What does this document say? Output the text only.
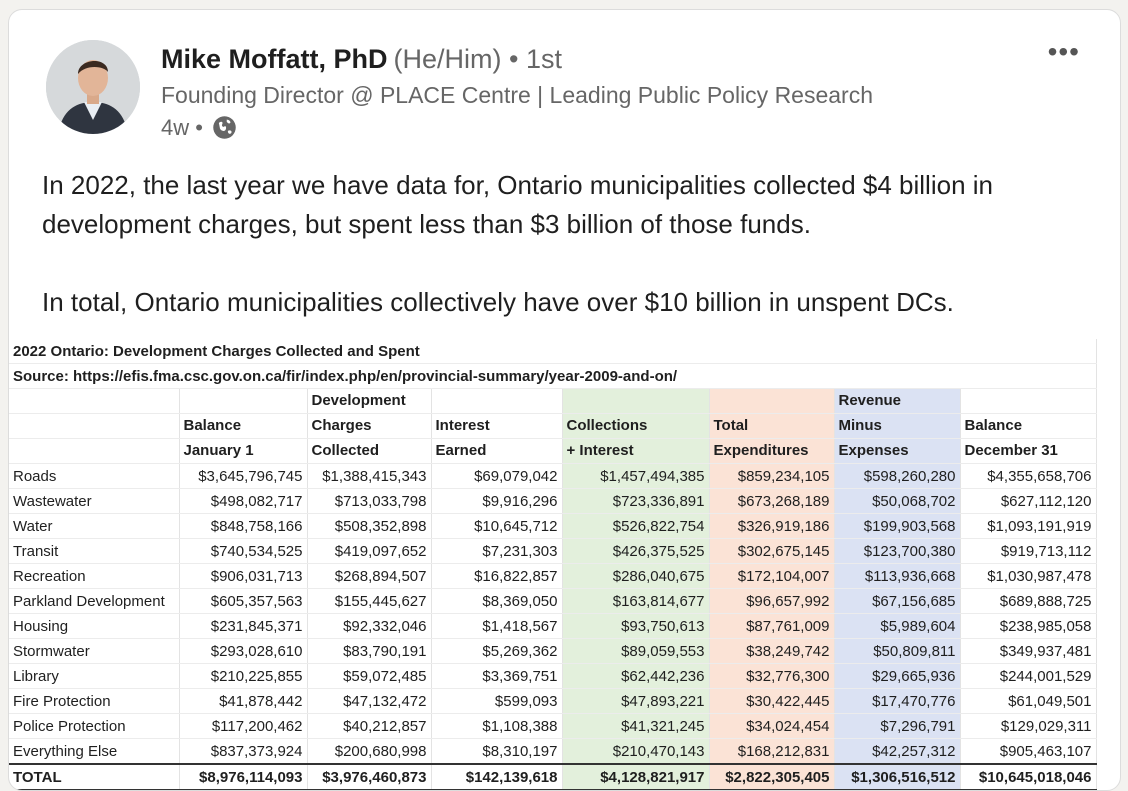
Mike Moffatt, PhD (He/Him) • 1st
Founding Director @ PLACE Centre | Leading Public Policy Research
4w •
•••

In 2022, the last year we have data for, Ontario municipalities collected $4 billion in development charges, but spent less than $3 billion of those funds.

In total, Ontario municipalities collectively have over $10 billion in unspent DCs.

2022 Ontario: Development Charges Collected and Spent							
Source: https://efis.fma.csc.gov.on.ca/fir/index.php/en/provincial-summary/year-2009-and-on/							
		Development				Revenue	
	Balance	Charges	Interest	Collections	Total	Minus	Balance
	January 1	Collected	Earned	+ Interest	Expenditures	Expenses	December 31
Roads	$3,645,796,745	$1,388,415,343	$69,079,042	$1,457,494,385	$859,234,105	$598,260,280	$4,355,658,706
Wastewater	$498,082,717	$713,033,798	$9,916,296	$723,336,891	$673,268,189	$50,068,702	$627,112,120
Water	$848,758,166	$508,352,898	$10,645,712	$526,822,754	$326,919,186	$199,903,568	$1,093,191,919
Transit	$740,534,525	$419,097,652	$7,231,303	$426,375,525	$302,675,145	$123,700,380	$919,713,112
Recreation	$906,031,713	$268,894,507	$16,822,857	$286,040,675	$172,104,007	$113,936,668	$1,030,987,478
Parkland Development	$605,357,563	$155,445,627	$8,369,050	$163,814,677	$96,657,992	$67,156,685	$689,888,725
Housing	$231,845,371	$92,332,046	$1,418,567	$93,750,613	$87,761,009	$5,989,604	$238,985,058
Stormwater	$293,028,610	$83,790,191	$5,269,362	$89,059,553	$38,249,742	$50,809,811	$349,937,481
Library	$210,225,855	$59,072,485	$3,369,751	$62,442,236	$32,776,300	$29,665,936	$244,001,529
Fire Protection	$41,878,442	$47,132,472	$599,093	$47,893,221	$30,422,445	$17,470,776	$61,049,501
Police Protection	$117,200,462	$40,212,857	$1,108,388	$41,321,245	$34,024,454	$7,296,791	$129,029,311
Everything Else	$837,373,924	$200,680,998	$8,310,197	$210,470,143	$168,212,831	$42,257,312	$905,463,107
TOTAL	$8,976,114,093	$3,976,460,873	$142,139,618	$4,128,821,917	$2,822,305,405	$1,306,516,512	$10,645,018,046
